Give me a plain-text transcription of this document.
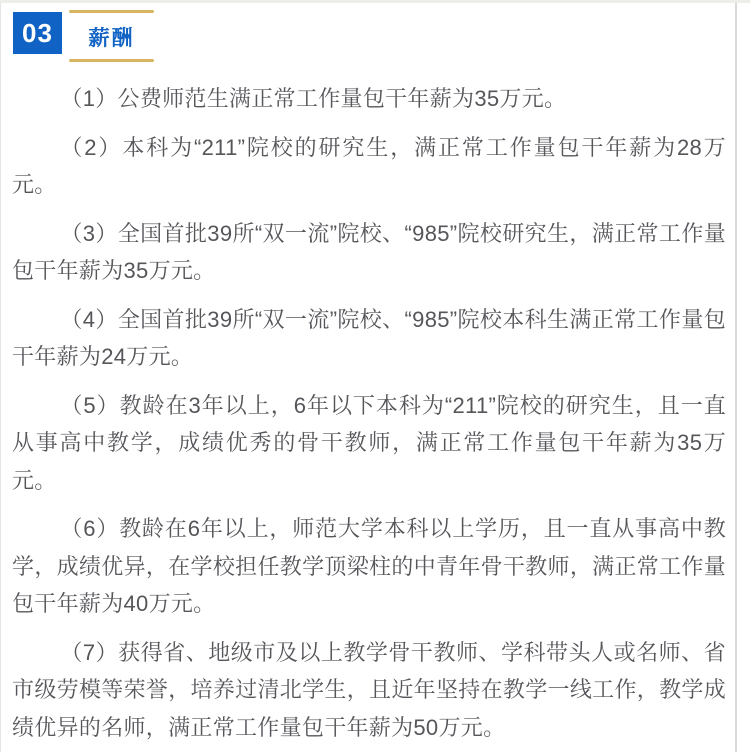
03	薪酬

（1）公费师范生满正常工作量包干年薪为35万元。

（2）本科为“211”院校的研究生，满正常工作量包干年薪为28万元。

（3）全国首批39所“双一流”院校、“985”院校研究生，满正常工作量包干年薪为35万元。

（4）全国首批39所“双一流”院校、“985”院校本科生满正常工作量包干年薪为24万元。

（5）教龄在3年以上，6年以下本科为“211”院校的研究生，且一直从事高中教学，成绩优秀的骨干教师，满正常工作量包干年薪为35万元。

（6）教龄在6年以上，师范大学本科以上学历，且一直从事高中教学，成绩优异，在学校担任教学顶梁柱的中青年骨干教师，满正常工作量包干年薪为40万元。

（7）获得省、地级市及以上教学骨干教师、学科带头人或名师、省市级劳模等荣誉，培养过清北学生，且近年坚持在教学一线工作，教学成绩优异的名师，满正常工作量包干年薪为50万元。
